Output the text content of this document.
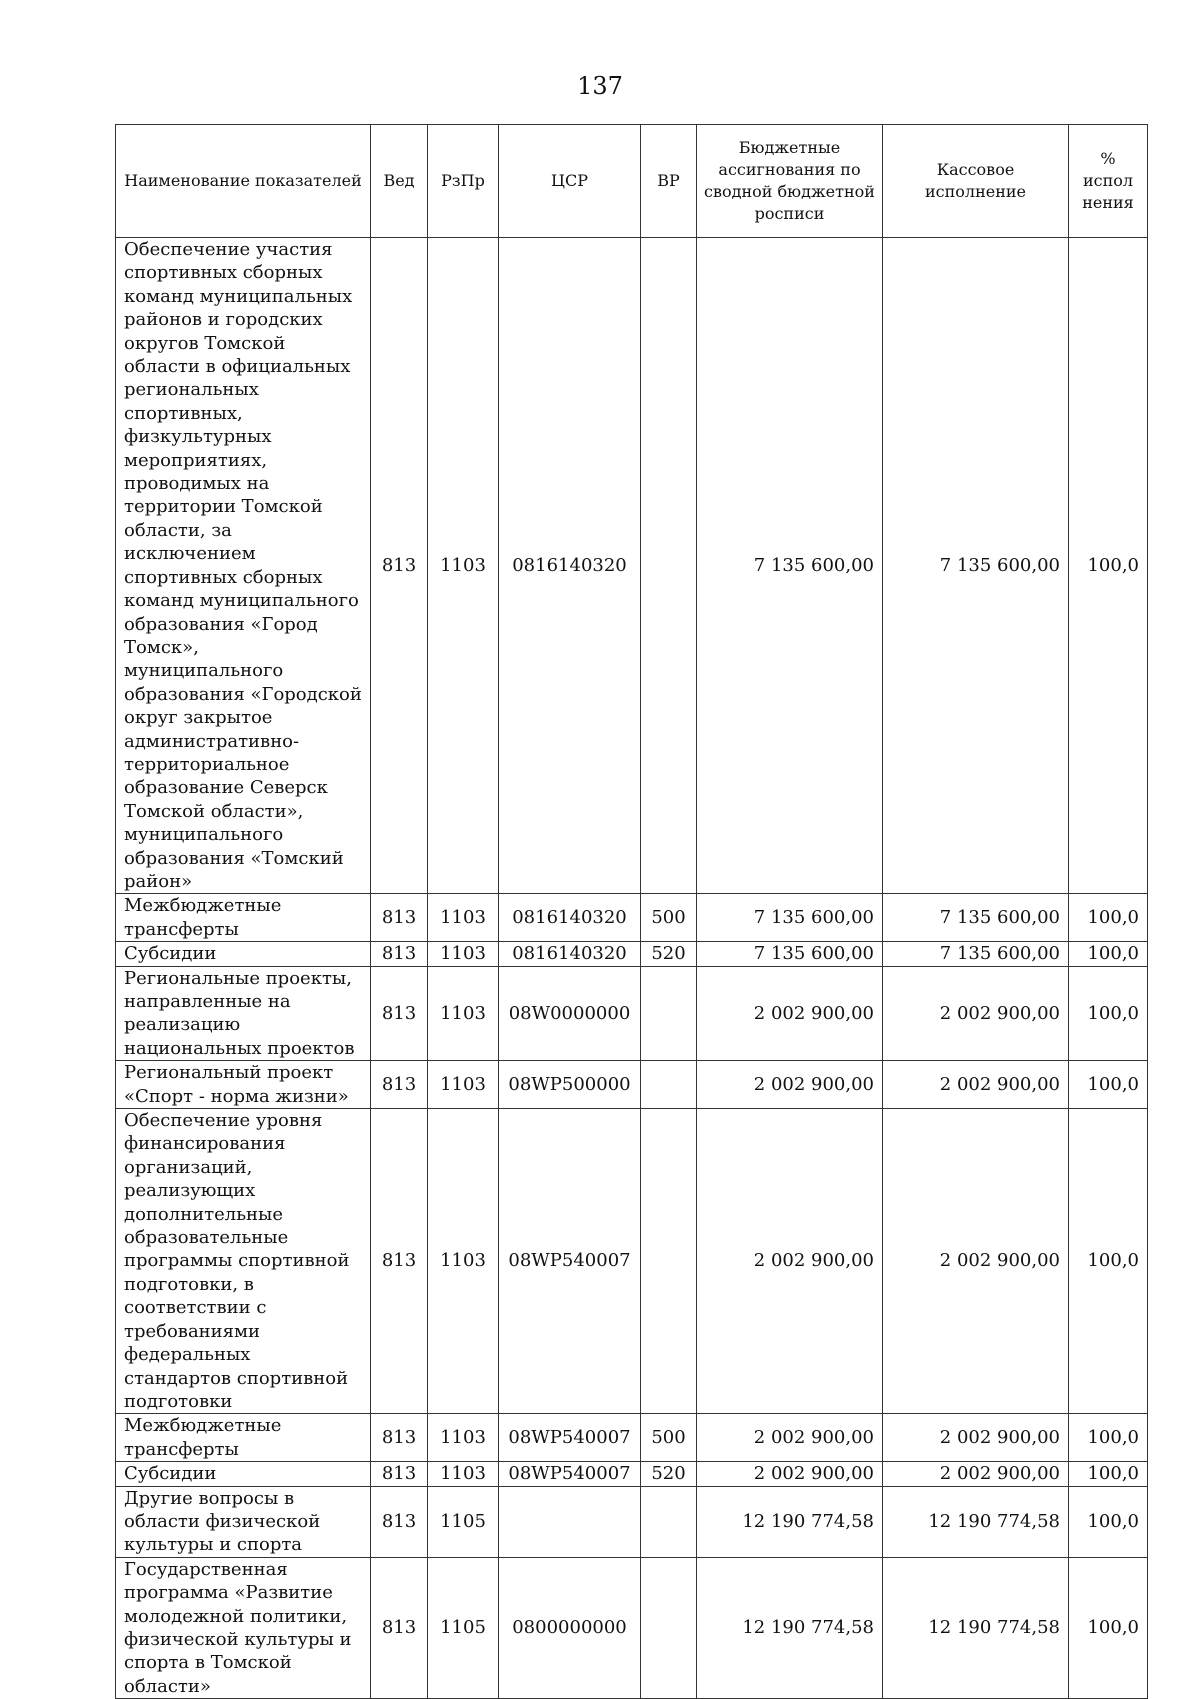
137
Наименование показателей	Вед	РзПр	ЦСР	ВР	Бюджетные ассигнования по сводной бюджетной росписи	Кассовое исполнение	% испол нения
Обеспечение участия спортивных сборных команд муниципальных районов и городских округов Томской области в официальных региональных спортивных, физкультурных мероприятиях, проводимых на территории Томской области, за исключением спортивных сборных команд муниципального образования «Город Томск», муниципального образования «Городской округ закрытое административно-территориальное образование Северск Томской области», муниципального образования «Томский район»	813	1103	0816140320		7 135 600,00	7 135 600,00	100,0
Межбюджетные трансферты	813	1103	0816140320	500	7 135 600,00	7 135 600,00	100,0
Субсидии	813	1103	0816140320	520	7 135 600,00	7 135 600,00	100,0
Региональные проекты, направленные на реализацию национальных проектов	813	1103	08W0000000		2 002 900,00	2 002 900,00	100,0
Региональный проект «Спорт - норма жизни»	813	1103	08WP500000		2 002 900,00	2 002 900,00	100,0
Обеспечение уровня финансирования организаций, реализующих дополнительные образовательные программы спортивной подготовки, в соответствии с требованиями федеральных стандартов спортивной подготовки	813	1103	08WP540007		2 002 900,00	2 002 900,00	100,0
Межбюджетные трансферты	813	1103	08WP540007	500	2 002 900,00	2 002 900,00	100,0
Субсидии	813	1103	08WP540007	520	2 002 900,00	2 002 900,00	100,0
Другие вопросы в области физической культуры и спорта	813	1105			12 190 774,58	12 190 774,58	100,0
Государственная программа «Развитие молодежной политики, физической культуры и спорта в Томской области»	813	1105	0800000000		12 190 774,58	12 190 774,58	100,0
